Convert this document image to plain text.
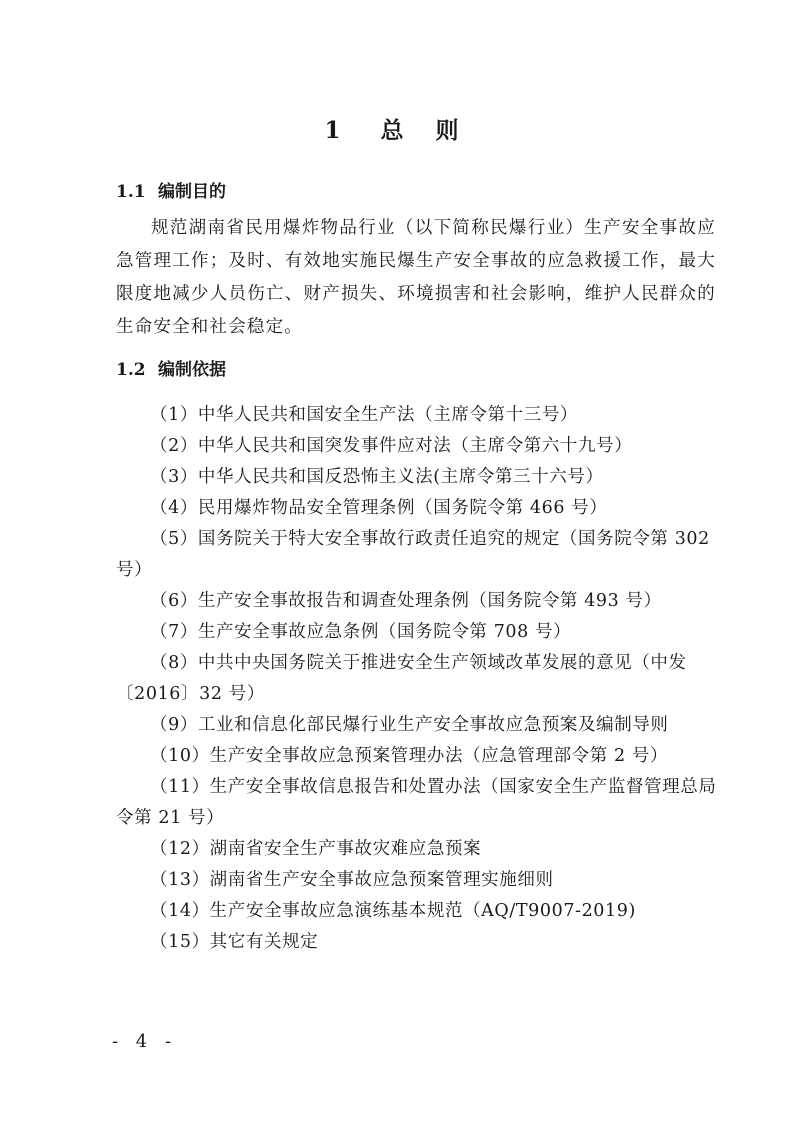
1 总 则
1.1 编制目的

规范湖南省民用爆炸物品行业（以下简称民爆行业）生产安全事故应急管理工作；及时、有效地实施民爆生产安全事故的应急救援工作，最大限度地减少人员伤亡、财产损失、环境损害和社会影响，维护人民群众的生命安全和社会稳定。

1.2 编制依据
（1）中华人民共和国安全生产法（主席令第十三号）
（2）中华人民共和国突发事件应对法（主席令第六十九号）
（3）中华人民共和国反恐怖主义法(主席令第三十六号）
（4）民用爆炸物品安全管理条例（国务院令第 466 号）
（5）国务院关于特大安全事故行政责任追究的规定（国务院令第 302 号）
（6）生产安全事故报告和调查处理条例（国务院令第 493 号）
（7）生产安全事故应急条例（国务院令第 708 号）
（8）中共中央国务院关于推进安全生产领域改革发展的意见（中发〔2016〕32 号）
（9）工业和信息化部民爆行业生产安全事故应急预案及编制导则
（10）生产安全事故应急预案管理办法（应急管理部令第 2 号）
（11）生产安全事故信息报告和处置办法（国家安全生产监督管理总局令第 21 号）
（12）湖南省安全生产事故灾难应急预案
（13）湖南省生产安全事故应急预案管理实施细则
（14）生产安全事故应急演练基本规范（AQ/T9007-2019)
（15）其它有关规定
- 4 -
